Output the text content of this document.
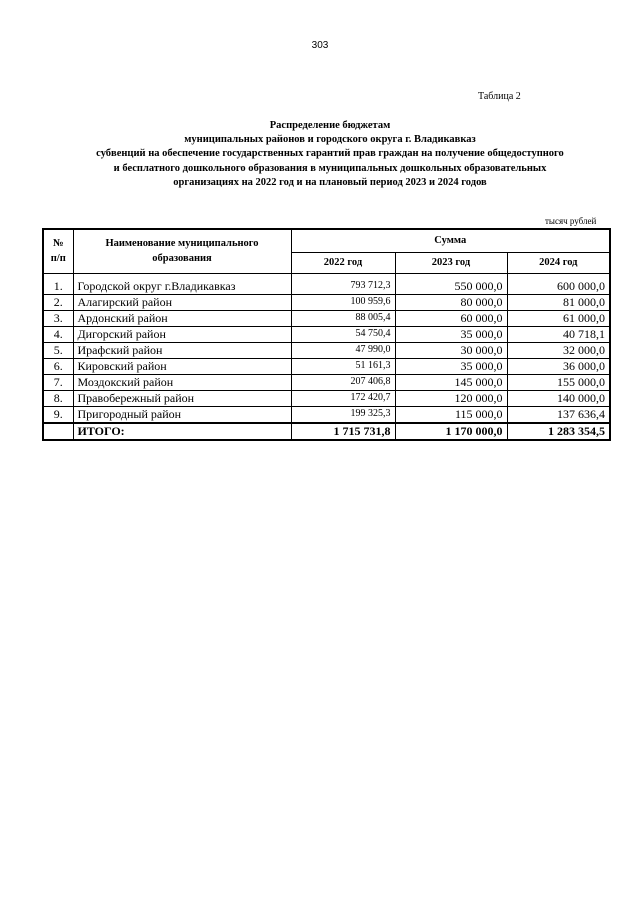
303
Таблица 2
Распределение бюджетам
муниципальных районов и городского округа г. Владикавказ
субвенций на обеспечение государственных гарантий прав граждан на получение общедоступного
и бесплатного дошкольного образования в муниципальных дошкольных образовательных
организациях на 2022 год и на плановый период 2023 и 2024 годов
тысяч рублей
№
п/п	Наименование муниципального образования	Сумма		
		2022 год	2023 год	2024 год
1.	Городской округ г.Владикавказ	793 712,3	550 000,0	600 000,0
2.	Алагирский район	100 959,6	80 000,0	81 000,0
3.	Ардонский район	88 005,4	60 000,0	61 000,0
4.	Дигорский район	54 750,4	35 000,0	40 718,1
5.	Ирафский район	47 990,0	30 000,0	32 000,0
6.	Кировский район	51 161,3	35 000,0	36 000,0
7.	Моздокский район	207 406,8	145 000,0	155 000,0
8.	Правобережный район	172 420,7	120 000,0	140 000,0
9.	Пригородный район	199 325,3	115 000,0	137 636,4
	ИТОГО:	1 715 731,8	1 170 000,0	1 283 354,5
